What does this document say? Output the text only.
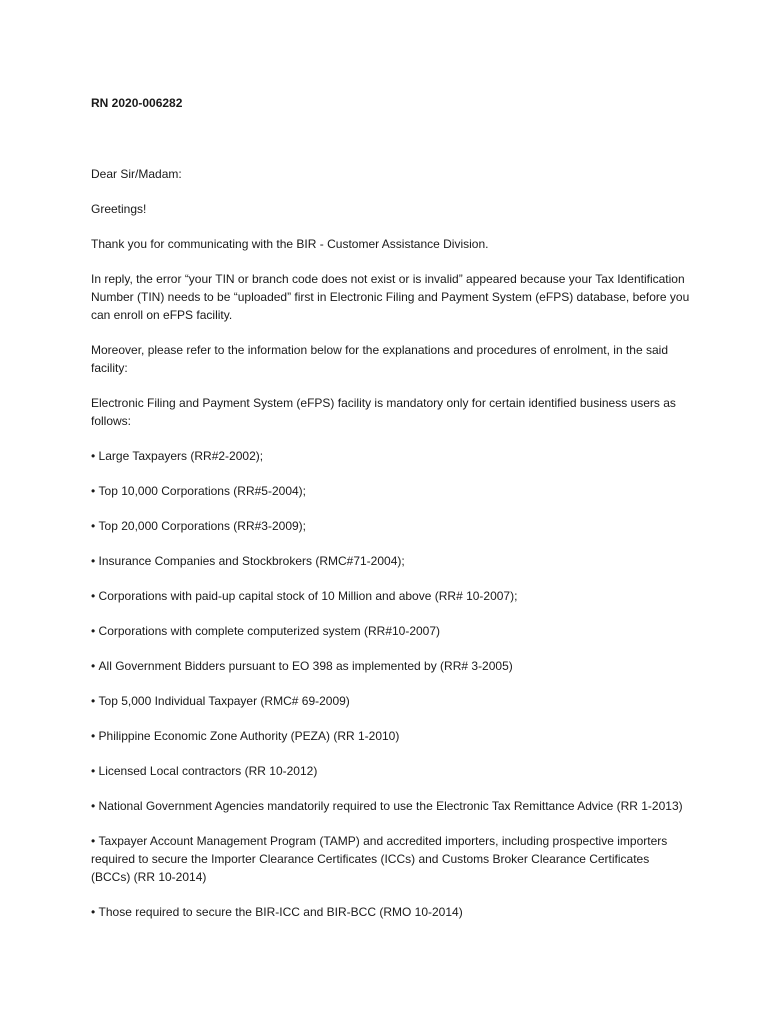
RN 2020-006282

Dear Sir/Madam:

Greetings!

Thank you for communicating with the BIR - Customer Assistance Division.

In reply, the error “your TIN or branch code does not exist or is invalid” appeared because your Tax Identification Number (TIN) needs to be “uploaded” first in Electronic Filing and Payment System (eFPS) database, before you can enroll on eFPS facility.

Moreover, please refer to the information below for the explanations and procedures of enrolment, in the said facility:

Electronic Filing and Payment System (eFPS) facility is mandatory only for certain identified business users as follows:

• Large Taxpayers (RR#2-2002);
• Top 10,000 Corporations (RR#5-2004);
• Top 20,000 Corporations (RR#3-2009);
• Insurance Companies and Stockbrokers (RMC#71-2004);
• Corporations with paid-up capital stock of 10 Million and above (RR# 10-2007);
• Corporations with complete computerized system (RR#10-2007)
• All Government Bidders pursuant to EO 398 as implemented by (RR# 3-2005)
• Top 5,000 Individual Taxpayer (RMC# 69-2009)
• Philippine Economic Zone Authority (PEZA) (RR 1-2010)
• Licensed Local contractors (RR 10-2012)
• National Government Agencies mandatorily required to use the Electronic Tax Remittance Advice (RR 1-2013)
• Taxpayer Account Management Program (TAMP) and accredited importers, including prospective importers required to secure the Importer Clearance Certificates (ICCs) and Customs Broker Clearance Certificates (BCCs) (RR 10-2014)
• Those required to secure the BIR-ICC and BIR-BCC (RMO 10-2014)
